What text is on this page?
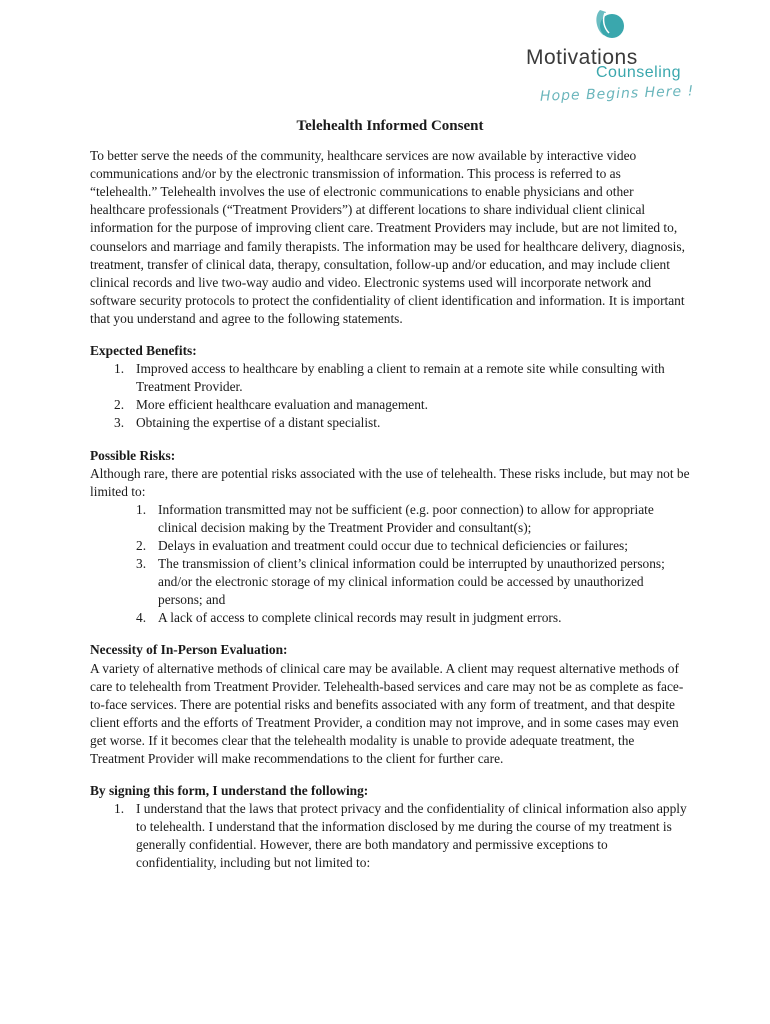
Motivations
Counseling
Hope Begins Here !
Telehealth Informed Consent

To better serve the needs of the community, healthcare services are now available by interactive video communications and/or by the electronic transmission of information. This process is referred to as “telehealth.” Telehealth involves the use of electronic communications to enable physicians and other healthcare professionals (“Treatment Providers”) at different locations to share individual client clinical information for the purpose of improving client care. Treatment Providers may include, but are not limited to, counselors and marriage and family therapists. The information may be used for healthcare delivery, diagnosis, treatment, transfer of clinical data, therapy, consultation, follow-up and/or education, and may include client clinical records and live two-way audio and video. Electronic systems used will incorporate network and software security protocols to protect the confidentiality of client identification and information. It is important that you understand and agree to the following statements.

Expected Benefits:
1. Improved access to healthcare by enabling a client to remain at a remote site while consulting with Treatment Provider.
2. More efficient healthcare evaluation and management.
3. Obtaining the expertise of a distant specialist.
Possible Risks:

Although rare, there are potential risks associated with the use of telehealth. These risks include, but may not be limited to:

1. Information transmitted may not be sufficient (e.g. poor connection) to allow for appropriate clinical decision making by the Treatment Provider and consultant(s);
2. Delays in evaluation and treatment could occur due to technical deficiencies or failures;
3. The transmission of client’s clinical information could be interrupted by unauthorized persons; and/or the electronic storage of my clinical information could be accessed by unauthorized persons; and
4. A lack of access to complete clinical records may result in judgment errors.
Necessity of In-Person Evaluation:

A variety of alternative methods of clinical care may be available. A client may request alternative methods of care to telehealth from Treatment Provider. Telehealth-based services and care may not be as complete as face-to-face services. There are potential risks and benefits associated with any form of treatment, and that despite client efforts and the efforts of Treatment Provider, a condition may not improve, and in some cases may even get worse. If it becomes clear that the telehealth modality is unable to provide adequate treatment, the Treatment Provider will make recommendations to the client for further care.

By signing this form, I understand the following:
1. I understand that the laws that protect privacy and the confidentiality of clinical information also apply to telehealth. I understand that the information disclosed by me during the course of my treatment is generally confidential. However, there are both mandatory and permissive exceptions to confidentiality, including but not limited to:
